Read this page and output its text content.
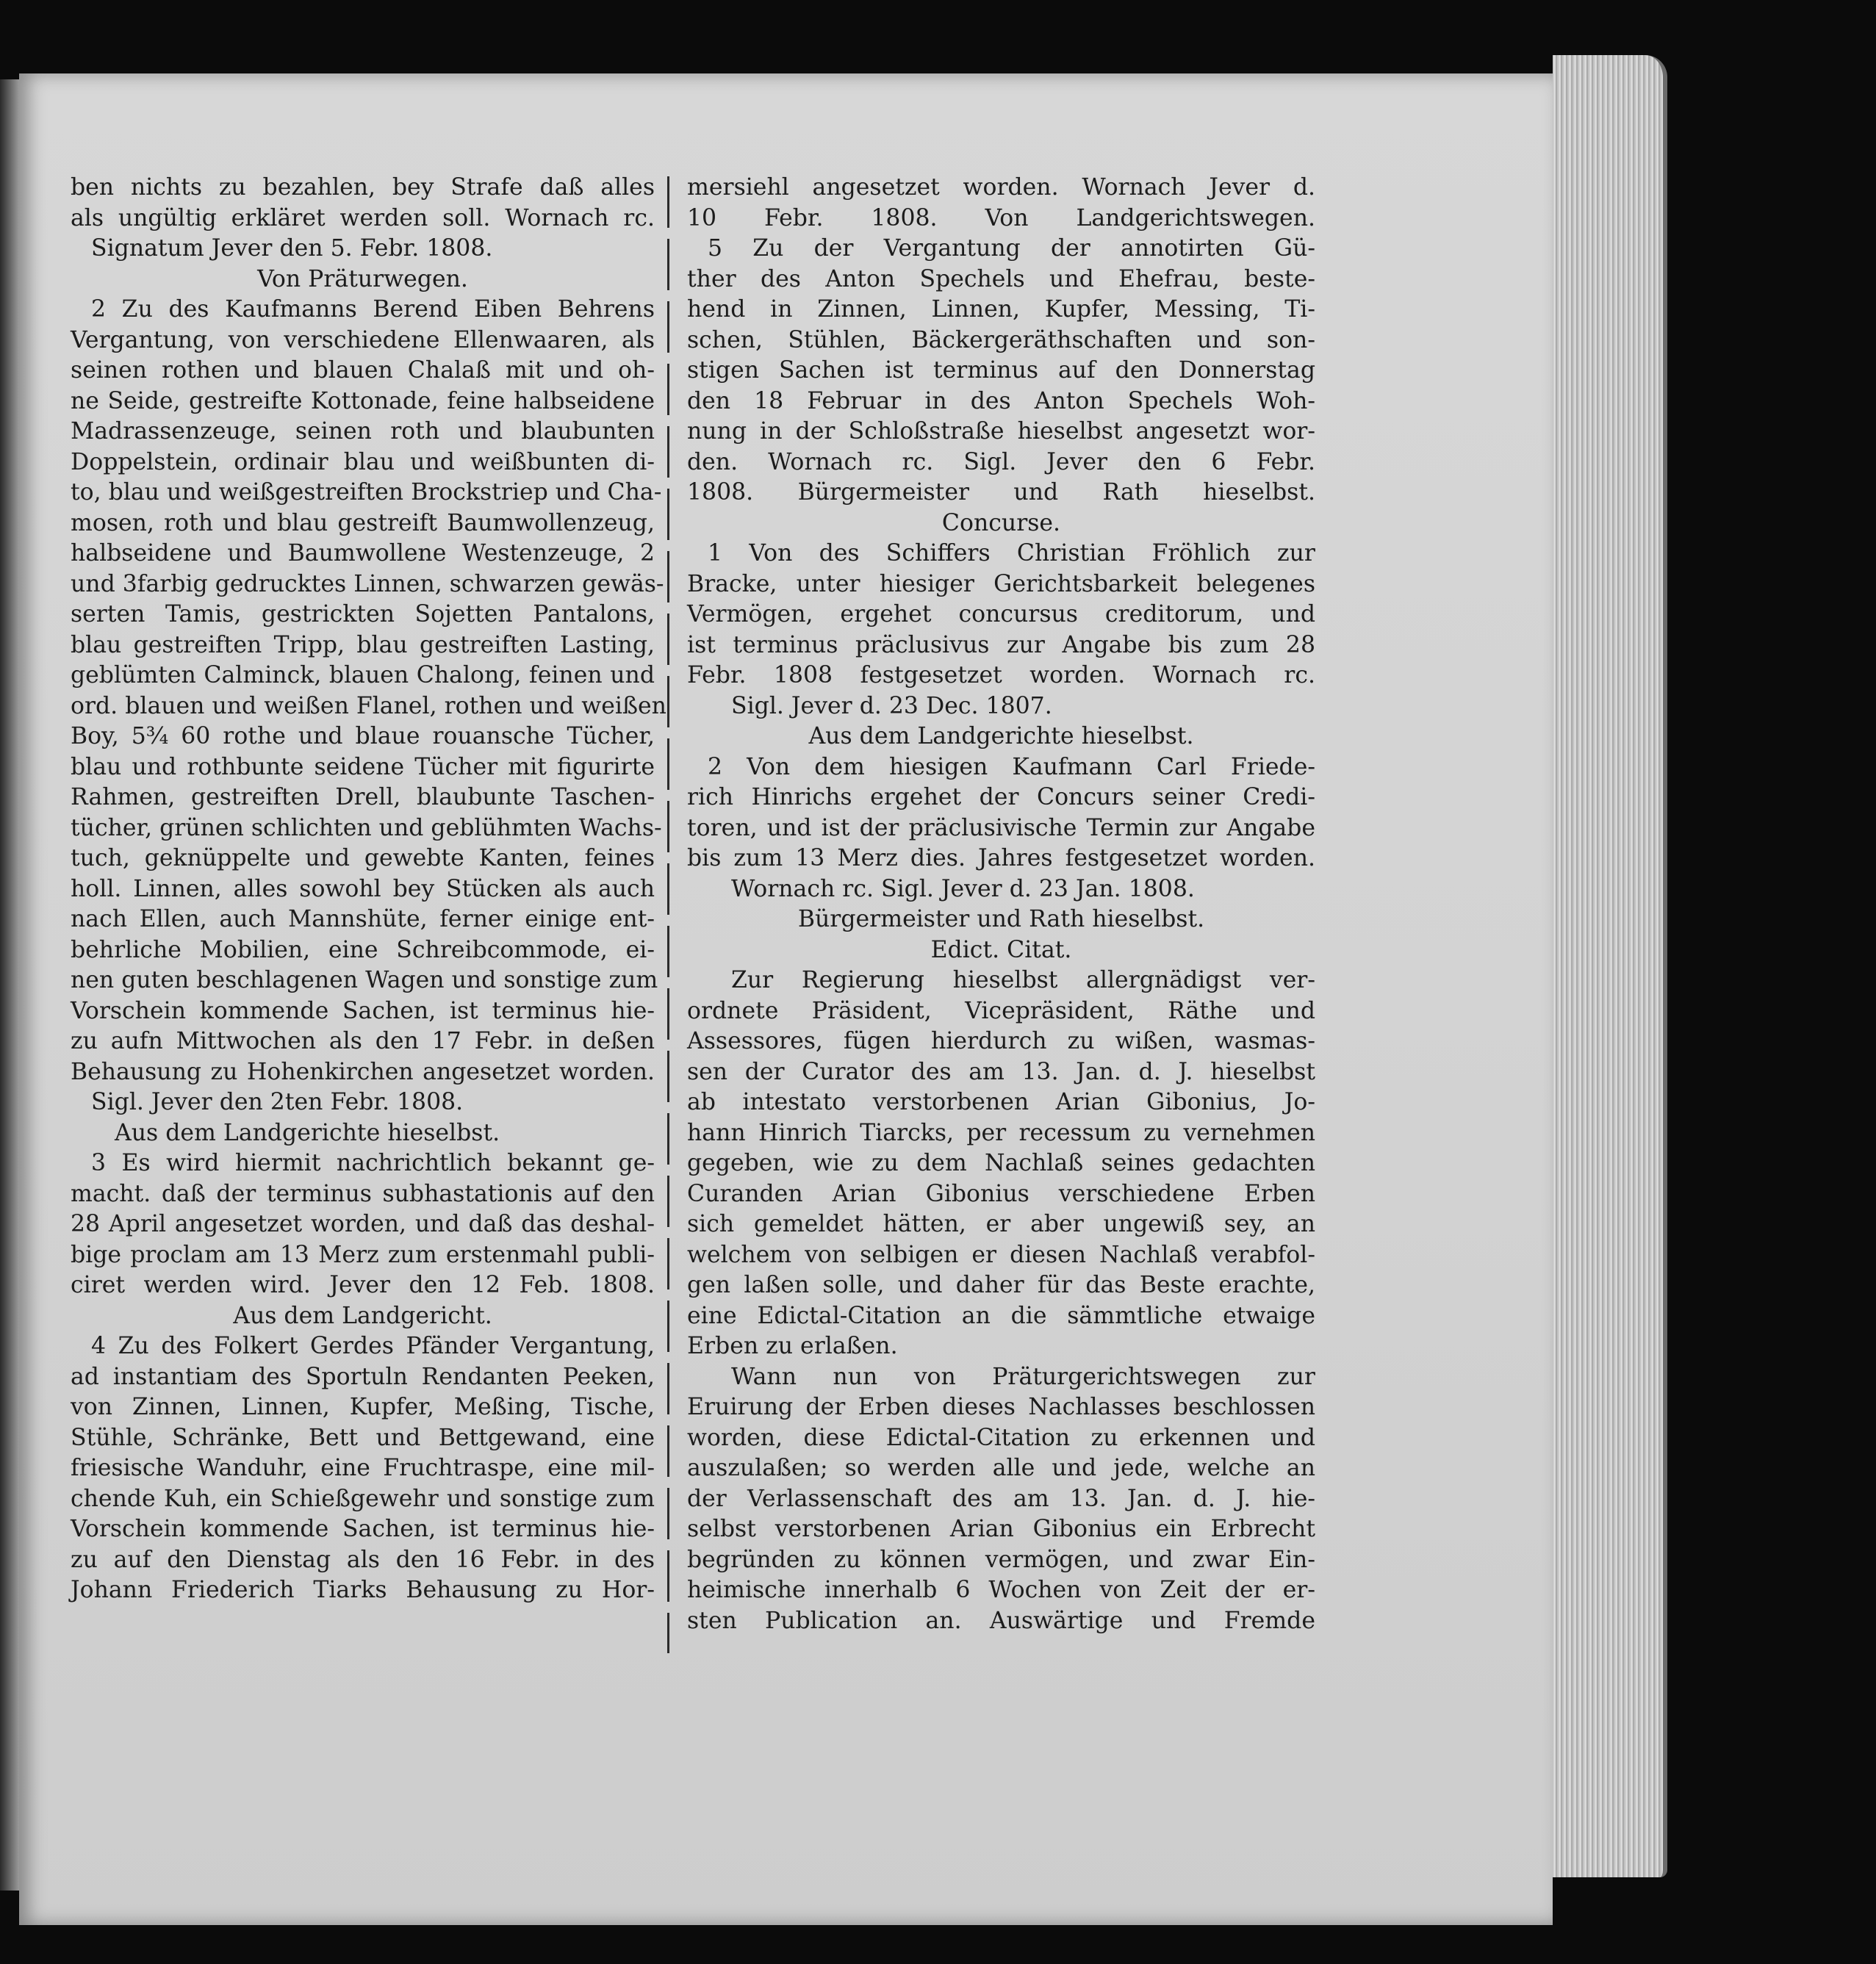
ben nichts zu bezahlen, bey Strafe daß alles
als ungültig erkläret werden soll. Wornach rc.
Signatum Jever den 5. Febr. 1808.
Von Präturwegen.
2 Zu des Kaufmanns Berend Eiben Behrens
Vergantung, von verschiedene Ellenwaaren, als
seinen rothen und blauen Chalaß mit und oh-
ne Seide, gestreifte Kottonade, feine halbseidene
Madrassenzeuge, seinen roth und blaubunten
Doppelstein, ordinair blau und weißbunten di-
to, blau und weißgestreiften Brockstriep und Cha-
mosen, roth und blau gestreift Baumwollenzeug,
halbseidene und Baumwollene Westenzeuge, 2
und 3farbig gedrucktes Linnen, schwarzen gewäs-
serten Tamis, gestrickten Sojetten Pantalons,
blau gestreiften Tripp, blau gestreiften Lasting,
geblümten Calminck, blauen Chalong, feinen und
ord. blauen und weißen Flanel, rothen und weißen
Boy, 5¾ 60 rothe und blaue rouansche Tücher,
blau und rothbunte seidene Tücher mit figurirte
Rahmen, gestreiften Drell, blaubunte Taschen-
tücher, grünen schlichten und geblühmten Wachs-
tuch, geknüppelte und gewebte Kanten, feines
holl. Linnen, alles sowohl bey Stücken als auch
nach Ellen, auch Mannshüte, ferner einige ent-
behrliche Mobilien, eine Schreibcommode, ei-
nen guten beschlagenen Wagen und sonstige zum
Vorschein kommende Sachen, ist terminus hie-
zu aufn Mittwochen als den 17 Febr. in deßen
Behausung zu Hohenkirchen angesetzet worden.
Sigl. Jever den 2ten Febr. 1808.
Aus dem Landgerichte hieselbst.
3 Es wird hiermit nachrichtlich bekannt ge-
macht. daß der terminus subhastationis auf den
28 April angesetzet worden, und daß das deshal-
bige proclam am 13 Merz zum erstenmahl publi-
ciret werden wird. Jever den 12 Feb. 1808.
Aus dem Landgericht.
4 Zu des Folkert Gerdes Pfänder Vergantung,
ad instantiam des Sportuln Rendanten Peeken,
von Zinnen, Linnen, Kupfer, Meßing, Tische,
Stühle, Schränke, Bett und Bettgewand, eine
friesische Wanduhr, eine Fruchtraspe, eine mil-
chende Kuh, ein Schießgewehr und sonstige zum
Vorschein kommende Sachen, ist terminus hie-
zu auf den Dienstag als den 16 Febr. in des
Johann Friederich Tiarks Behausung zu Hor-
mersiehl angesetzet worden. Wornach Jever d.
10 Febr. 1808. Von Landgerichtswegen.
5 Zu der Vergantung der annotirten Gü-
ther des Anton Spechels und Ehefrau, beste-
hend in Zinnen, Linnen, Kupfer, Messing, Ti-
schen, Stühlen, Bäckergeräthschaften und son-
stigen Sachen ist terminus auf den Donnerstag
den 18 Februar in des Anton Spechels Woh-
nung in der Schloßstraße hieselbst angesetzt wor-
den. Wornach rc. Sigl. Jever den 6 Febr.
1808. Bürgermeister und Rath hieselbst.
Concurse.
1 Von des Schiffers Christian Fröhlich zur
Bracke, unter hiesiger Gerichtsbarkeit belegenes
Vermögen, ergehet concursus creditorum, und
ist terminus präclusivus zur Angabe bis zum 28
Febr. 1808 festgesetzet worden. Wornach rc.
Sigl. Jever d. 23 Dec. 1807.
Aus dem Landgerichte hieselbst.
2 Von dem hiesigen Kaufmann Carl Friede-
rich Hinrichs ergehet der Concurs seiner Credi-
toren, und ist der präclusivische Termin zur Angabe
bis zum 13 Merz dies. Jahres festgesetzet worden.
Wornach rc. Sigl. Jever d. 23 Jan. 1808.
Bürgermeister und Rath hieselbst.
Edict. Citat.
Zur Regierung hieselbst allergnädigst ver-
ordnete Präsident, Vicepräsident, Räthe und
Assessores, fügen hierdurch zu wißen, wasmas-
sen der Curator des am 13. Jan. d. J. hieselbst
ab intestato verstorbenen Arian Gibonius, Jo-
hann Hinrich Tiarcks, per recessum zu vernehmen
gegeben, wie zu dem Nachlaß seines gedachten
Curanden Arian Gibonius verschiedene Erben
sich gemeldet hätten, er aber ungewiß sey, an
welchem von selbigen er diesen Nachlaß verabfol-
gen laßen solle, und daher für das Beste erachte,
eine Edictal-Citation an die sämmtliche etwaige
Erben zu erlaßen.
Wann nun von Präturgerichtswegen zur
Eruirung der Erben dieses Nachlasses beschlossen
worden, diese Edictal-Citation zu erkennen und
auszulaßen; so werden alle und jede, welche an
der Verlassenschaft des am 13. Jan. d. J. hie-
selbst verstorbenen Arian Gibonius ein Erbrecht
begründen zu können vermögen, und zwar Ein-
heimische innerhalb 6 Wochen von Zeit der er-
sten Publication an. Auswärtige und Fremde
